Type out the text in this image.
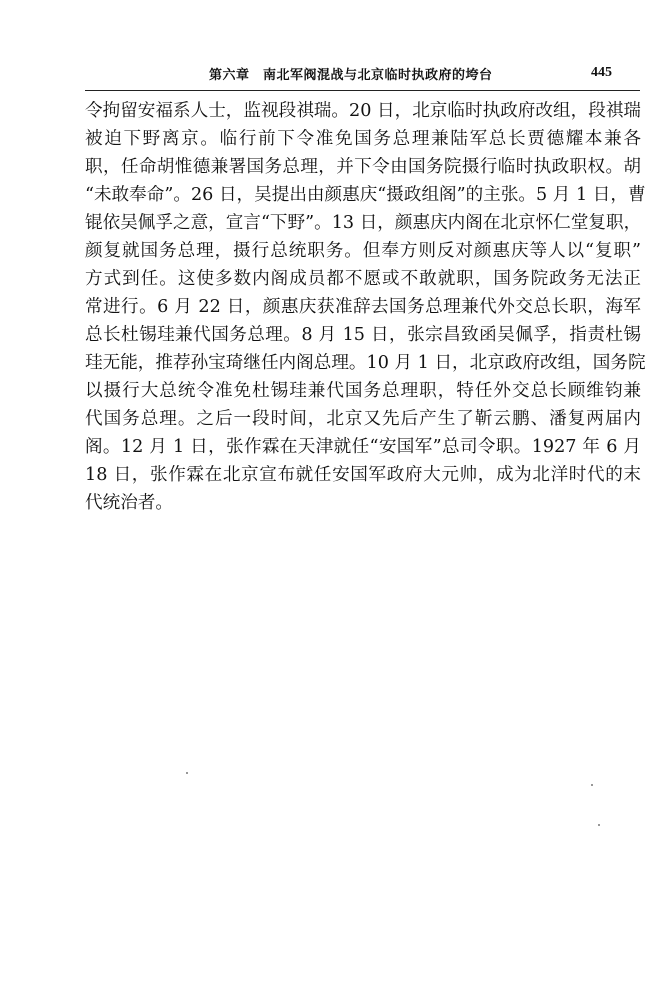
第六章　南北军阀混战与北京临时执政府的垮台	445
令拘留安福系人士，监视段祺瑞。20 日，北京临时执政府改组，段祺瑞
被迫下野离京。临行前下令准免国务总理兼陆军总长贾德耀本兼各
职，任命胡惟德兼署国务总理，并下令由国务院摄行临时执政职权。胡
“未敢奉命”。26 日，吴提出由颜惠庆“摄政组阁”的主张。5 月 1 日，曹
锟依吴佩孚之意，宣言“下野”。13 日，颜惠庆内阁在北京怀仁堂复职，
颜复就国务总理，摄行总统职务。但奉方则反对颜惠庆等人以“复职”
方式到任。这使多数内阁成员都不愿或不敢就职，国务院政务无法正
常进行。6 月 22 日，颜惠庆获准辞去国务总理兼代外交总长职，海军
总长杜锡珪兼代国务总理。8 月 15 日，张宗昌致函吴佩孚，指责杜锡
珪无能，推荐孙宝琦继任内阁总理。10 月 1 日，北京政府改组，国务院
以摄行大总统令准免杜锡珪兼代国务总理职，特任外交总长顾维钧兼
代国务总理。之后一段时间，北京又先后产生了靳云鹏、潘复两届内
阁。12 月 1 日，张作霖在天津就任“安国军”总司令职。1927 年 6 月
18 日，张作霖在北京宣布就任安国军政府大元帅，成为北洋时代的末
代统治者。
